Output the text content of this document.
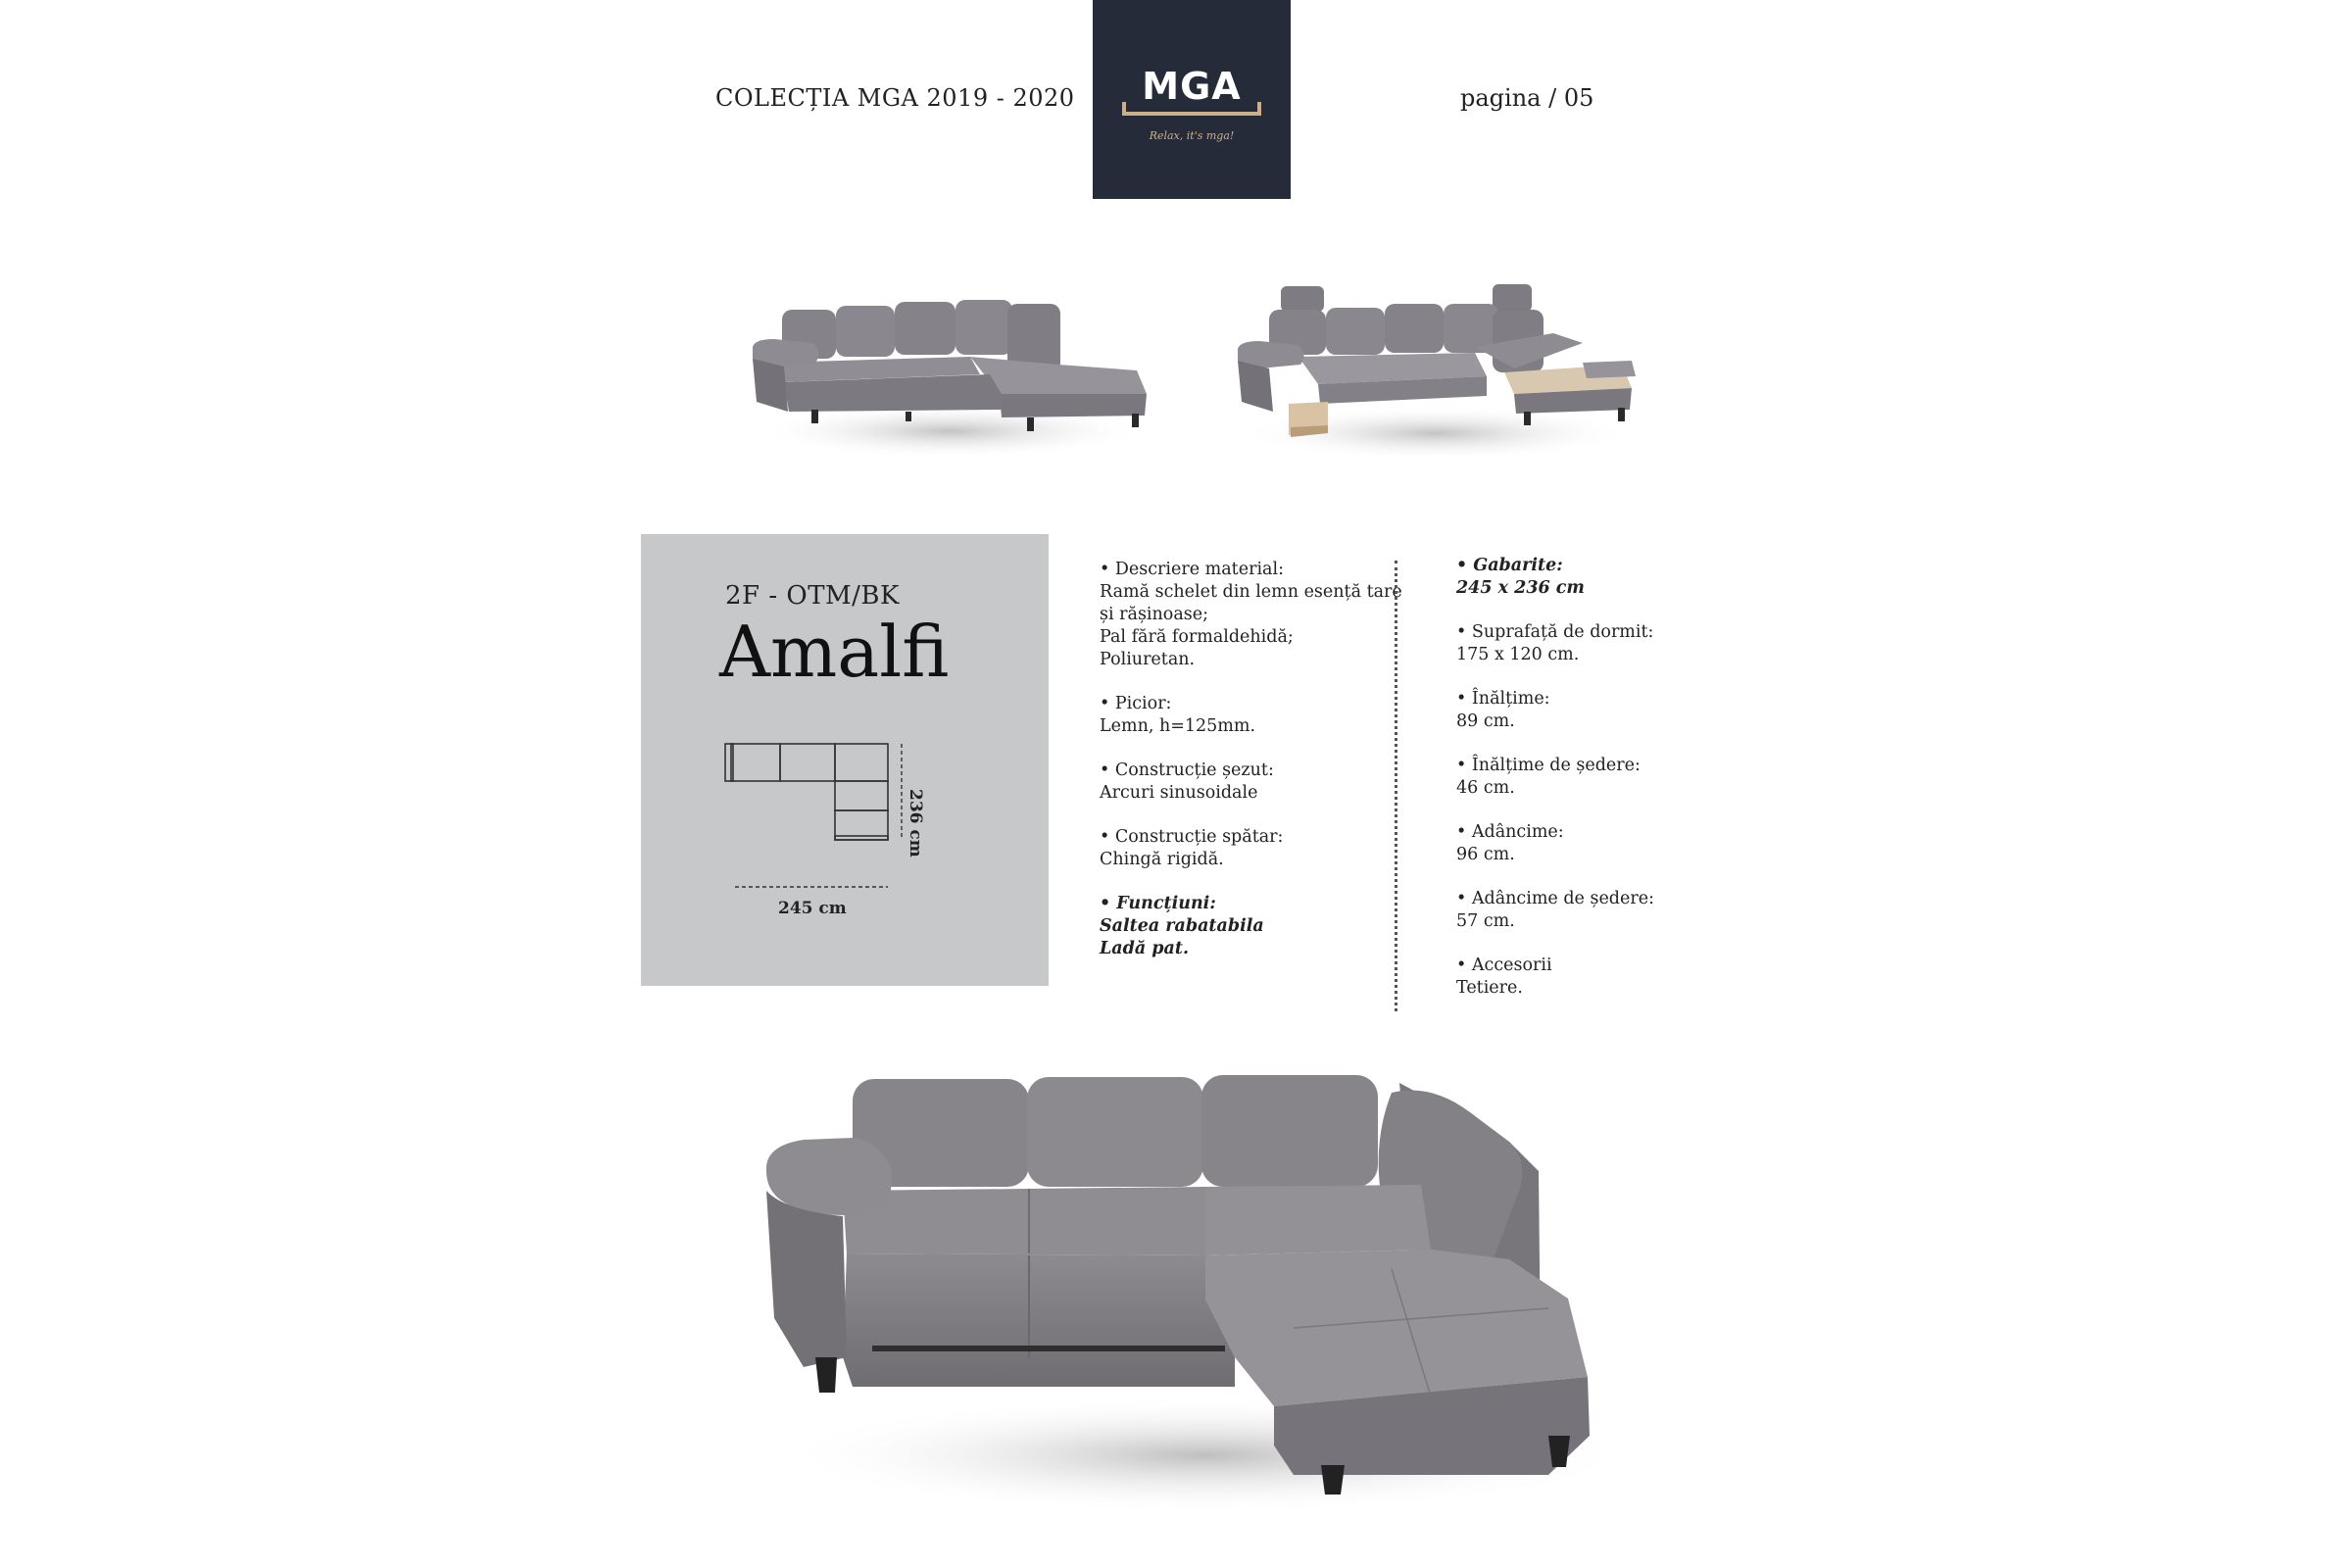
COLECȚIA MGA 2019 - 2020	pagina / 05
MGA
Relax, it's mga!
2F - OTM/BK
Amalfi
236 cm
245 cm
• Descriere material:
Ramă schelet din lemn esență tare
și rășinoase;
Pal fără formaldehidă;
Poliuretan.
• Picior:
Lemn, h=125mm.
• Construcție șezut:
Arcuri sinusoidale
• Construcție spătar:
Chingă rigidă.
• Funcțiuni:
Saltea rabatabila
Ladă pat.
• Gabarite:
245 x 236 cm
• Suprafață de dormit:
175 x 120 cm.
• Înălțime:
89 cm.
• Înălțime de ședere:
46 cm.
• Adâncime:
96 cm.
• Adâncime de ședere:
57 cm.
• Accesorii
Tetiere.
